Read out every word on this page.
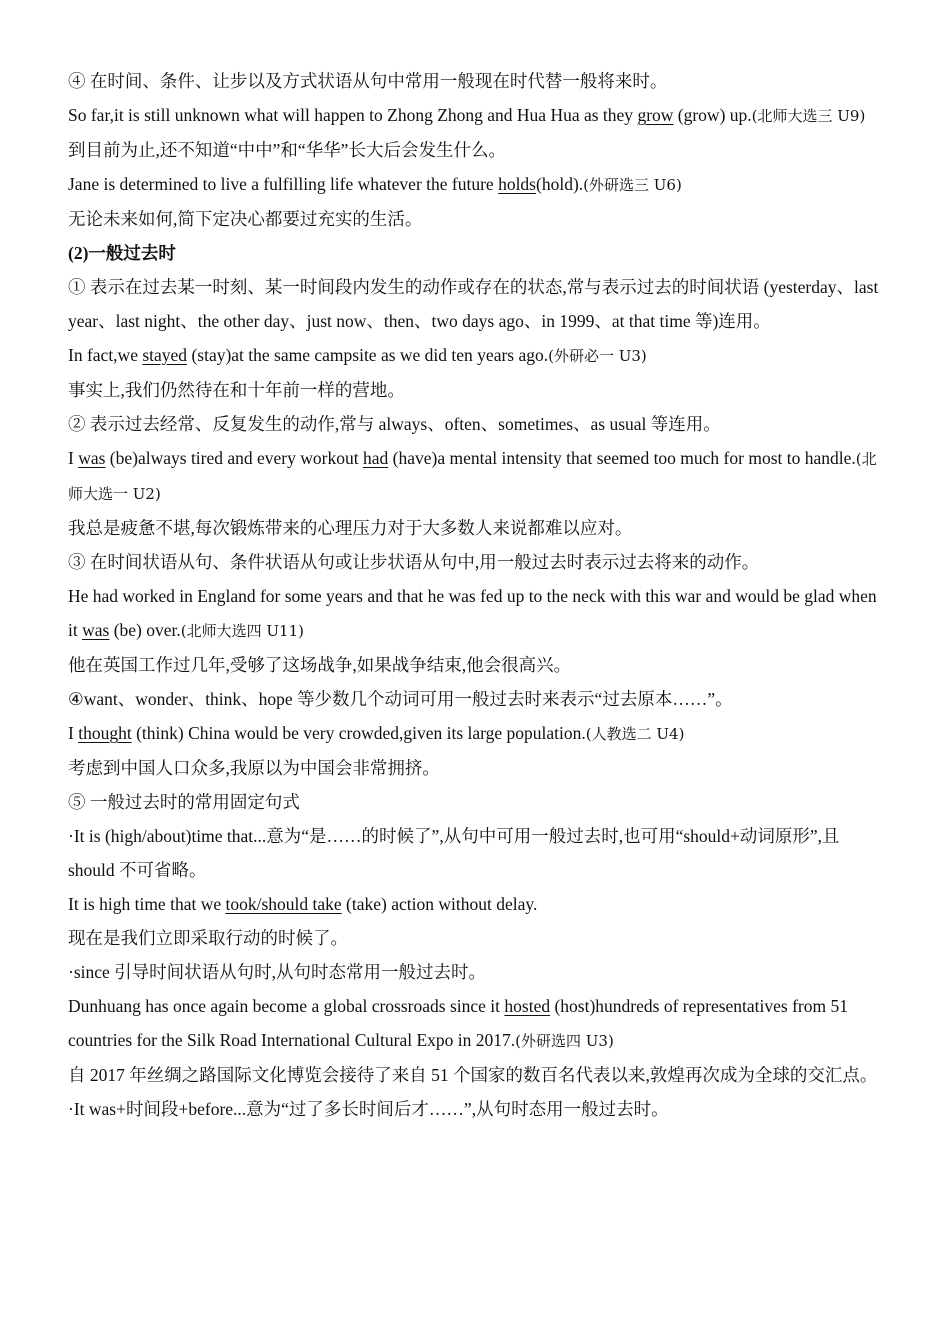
④ 在时间、条件、让步以及方式状语从句中常用一般现在时代替一般将来时。

So far,it is still unknown what will happen to Zhong Zhong and Hua Hua as they grow (grow) up.(北师大选三 U9)

到目前为止,还不知道“中中”和“华华”长大后会发生什么。

Jane is determined to live a fulfilling life whatever the future holds(hold).(外研选三 U6)

无论未来如何,简下定决心都要过充实的生活。

(2)一般过去时

① 表示在过去某一时刻、某一时间段内发生的动作或存在的状态,常与表示过去的时间状语 (yesterday、last year、last night、the other day、just now、then、two days ago、in 1999、at that time 等)连用。

In fact,we stayed (stay)at the same campsite as we did ten years ago.(外研必一 U3)

事实上,我们仍然待在和十年前一样的营地。

② 表示过去经常、反复发生的动作,常与 always、often、sometimes、as usual 等连用。

I was (be)always tired and every workout had (have)a mental intensity that seemed too much for most to handle.(北师大选一 U2)

我总是疲惫不堪,每次锻炼带来的心理压力对于大多数人来说都难以应对。

③ 在时间状语从句、条件状语从句或让步状语从句中,用一般过去时表示过去将来的动作。

He had worked in England for some years and that he was fed up to the neck with this war and would be glad when it was (be) over.(北师大选四 U11)

他在英国工作过几年,受够了这场战争,如果战争结束,他会很高兴。

④want、wonder、think、hope 等少数几个动词可用一般过去时来表示“过去原本……”。

I thought (think) China would be very crowded,given its large population.(人教选二 U4)

考虑到中国人口众多,我原以为中国会非常拥挤。

⑤ 一般过去时的常用固定句式

·It is (high/about)time that...意为“是……的时候了”,从句中可用一般过去时,也可用“should+动词原形”,且 should 不可省略。

It is high time that we took/should take (take) action without delay.

现在是我们立即采取行动的时候了。

·since 引导时间状语从句时,从句时态常用一般过去时。

Dunhuang has once again become a global crossroads since it hosted (host)hundreds of representatives from 51 countries for the Silk Road International Cultural Expo in 2017.(外研选四 U3)

自 2017 年丝绸之路国际文化博览会接待了来自 51 个国家的数百名代表以来,敦煌再次成为全球的交汇点。

·It was+时间段+before...意为“过了多长时间后才……”,从句时态用一般过去时。
